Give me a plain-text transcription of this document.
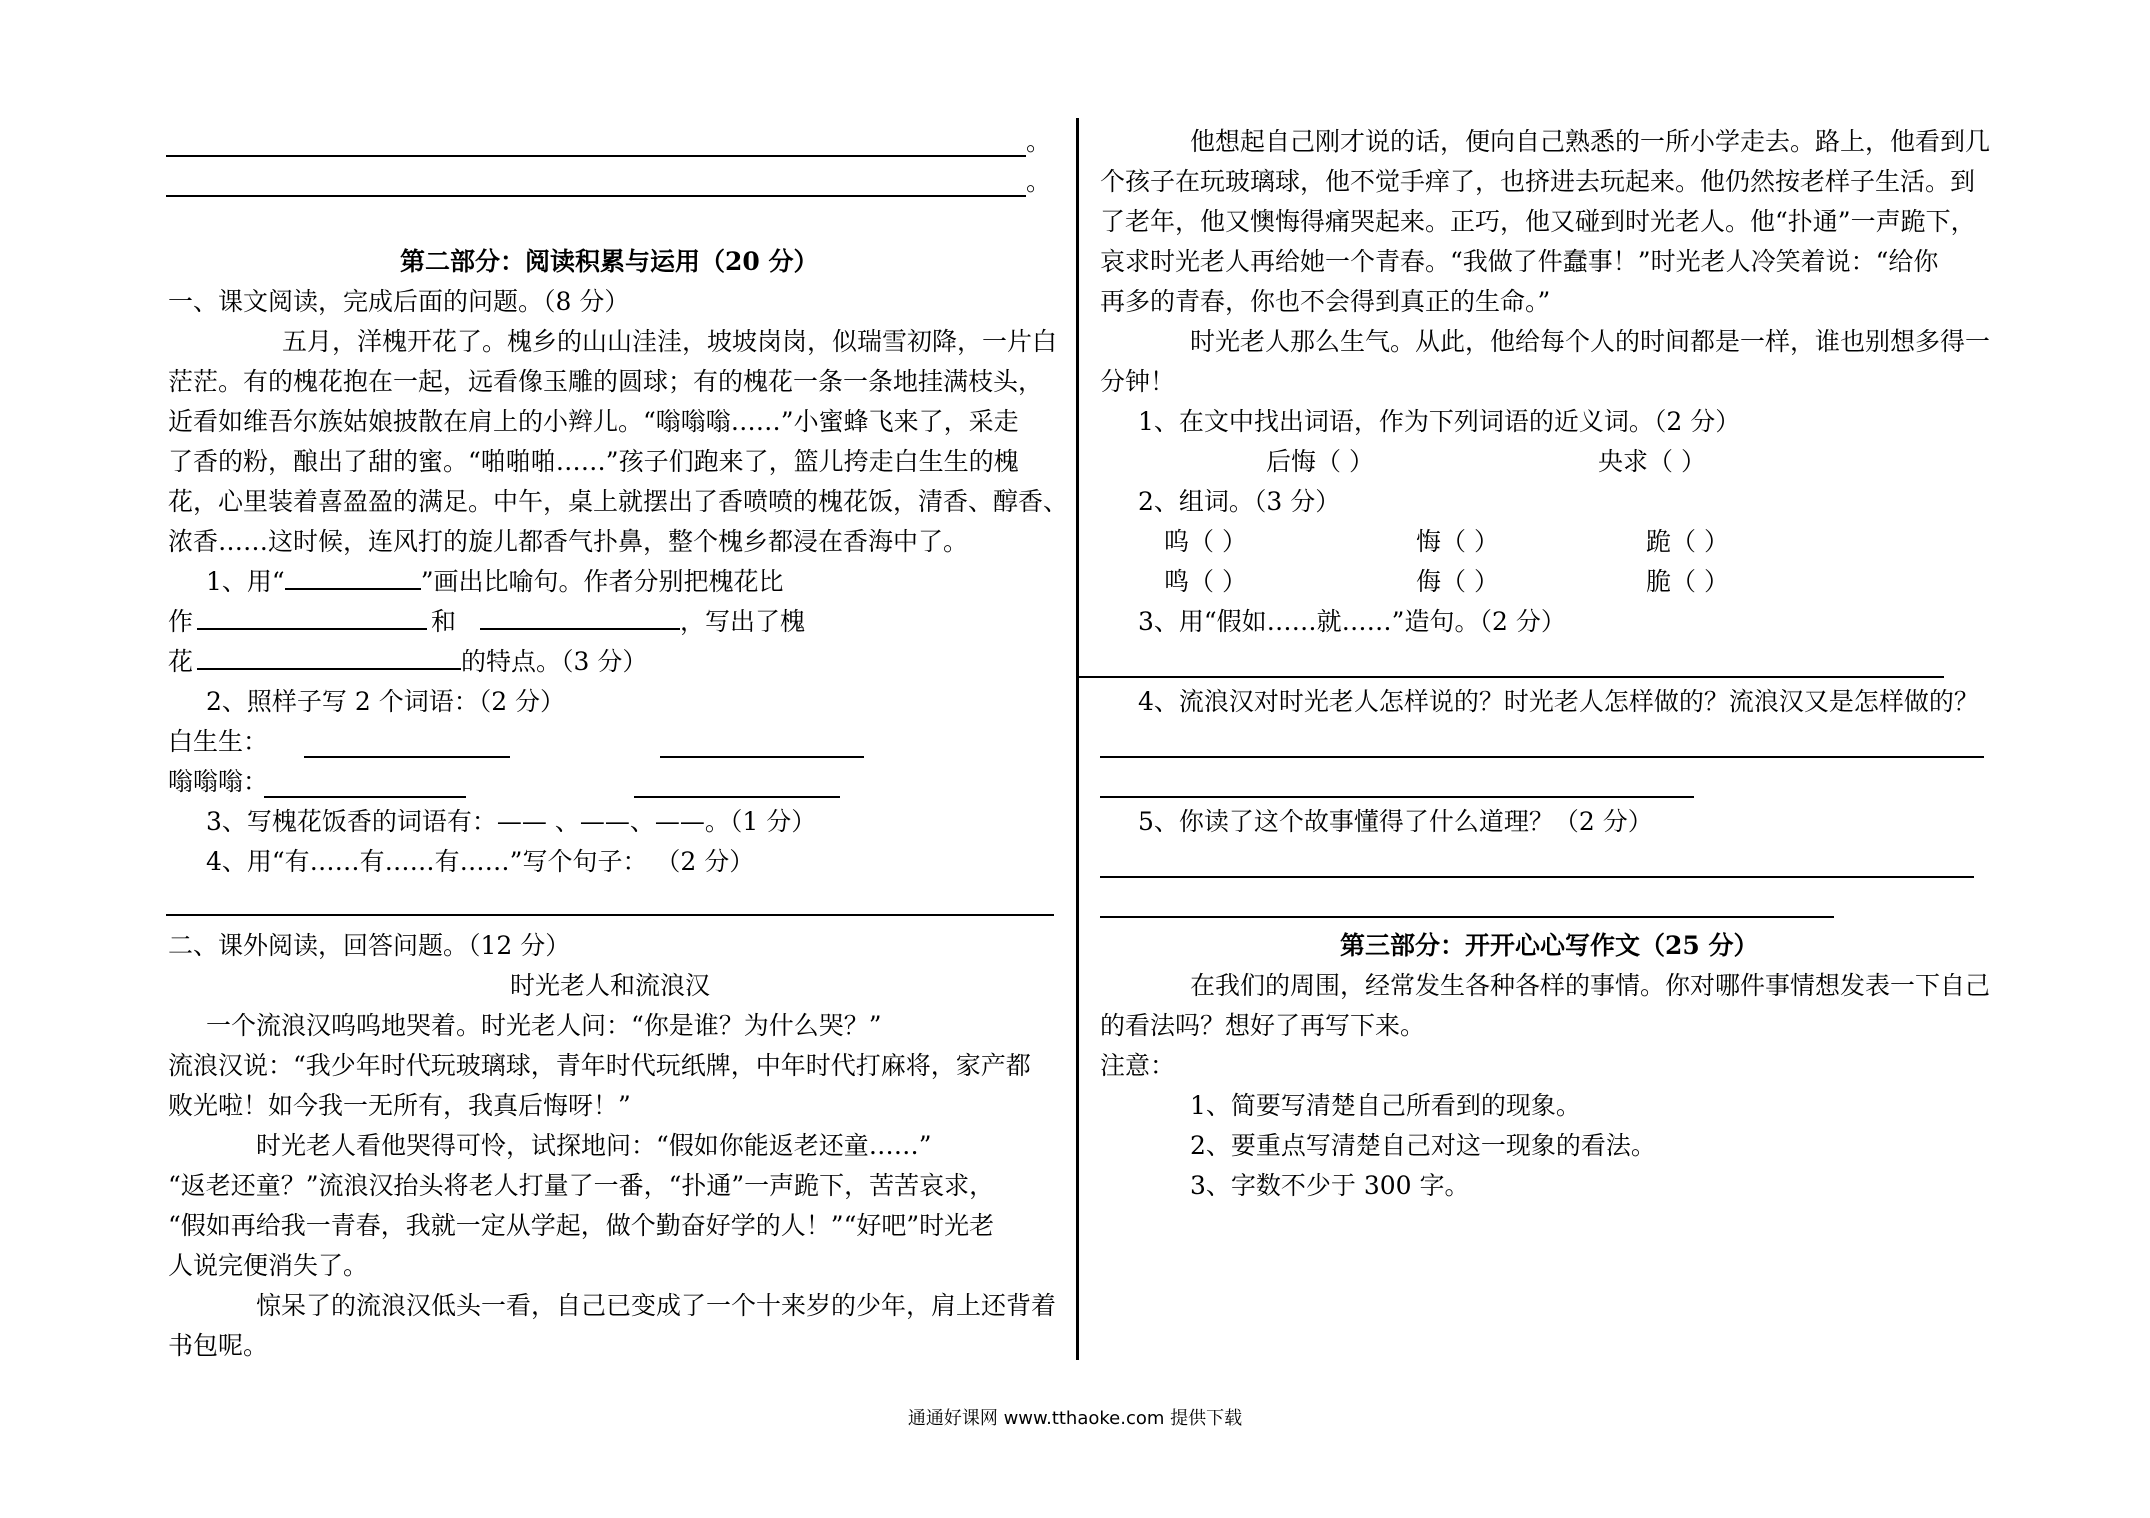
。
。
第二部分：阅读积累与运用（20 分）
一、课文阅读，完成后面的问题。（8 分）
五月，洋槐开花了。槐乡的山山洼洼，坡坡岗岗，似瑞雪初降，一片白
茫茫。有的槐花抱在一起，远看像玉雕的圆球；有的槐花一条一条地挂满枝头，
近看如维吾尔族姑娘披散在肩上的小辫儿。“嗡嗡嗡……”小蜜蜂飞来了，采走
了香的粉，酿出了甜的蜜。“啪啪啪……”孩子们跑来了，篮儿挎走白生生的槐
花，心里装着喜盈盈的满足。中午，桌上就摆出了香喷喷的槐花饭，清香、醇香、
浓香……这时候，连风打的旋儿都香气扑鼻，整个槐乡都浸在香海中了。
1、用“	”画出比喻句。作者分别把槐花比
作	和	，写出了槐
花	的特点。（3 分）
2、照样子写 2 个词语：（2 分）
白生生：
嗡嗡嗡：
3、写槐花饭香的词语有：—— 、——、——。（1 分）
4、用“有……有……有……”写个句子： （2 分）
二、课外阅读，回答问题。（12 分）
时光老人和流浪汉
一个流浪汉呜呜地哭着。时光老人问：“你是谁？为什么哭？”
流浪汉说：“我少年时代玩玻璃球，青年时代玩纸牌，中年时代打麻将，家产都
败光啦！如今我一无所有，我真后悔呀！”
时光老人看他哭得可怜，试探地问：“假如你能返老还童……”
“返老还童？”流浪汉抬头将老人打量了一番，“扑通”一声跪下，苦苦哀求，
“假如再给我一青春，我就一定从学起，做个勤奋好学的人！”“好吧”时光老
人说完便消失了。
惊呆了的流浪汉低头一看，自己已变成了一个十来岁的少年，肩上还背着
书包呢。
他想起自己刚才说的话，便向自己熟悉的一所小学走去。路上，他看到几
个孩子在玩玻璃球，他不觉手痒了，也挤进去玩起来。他仍然按老样子生活。到
了老年，他又懊悔得痛哭起来。正巧，他又碰到时光老人。他“扑通”一声跪下，
哀求时光老人再给她一个青春。“我做了件蠢事！”时光老人冷笑着说：“给你
再多的青春，你也不会得到真正的生命。”
时光老人那么生气。从此，他给每个人的时间都是一样，谁也别想多得一
分钟！
1、在文中找出词语，作为下列词语的近义词。（2 分）
后悔（ ）	央求（ ）
2、组词。（3 分）
呜（ ）	悔（ ）	跪（ ）
鸣（ ）	侮（ ）	脆（ ）
3、用“假如……就……”造句。（2 分）
4、流浪汉对时光老人怎样说的？时光老人怎样做的？流浪汉又是怎样做的？
5、你读了这个故事懂得了什么道理？（2 分）
第三部分：开开心心写作文（25 分）
在我们的周围，经常发生各种各样的事情。你对哪件事情想发表一下自己
的看法吗？想好了再写下来。
注意：
1、简要写清楚自己所看到的现象。
2、要重点写清楚自己对这一现象的看法。
3、字数不少于 300 字。
通通好课网 www.tthaoke.com 提供下载
